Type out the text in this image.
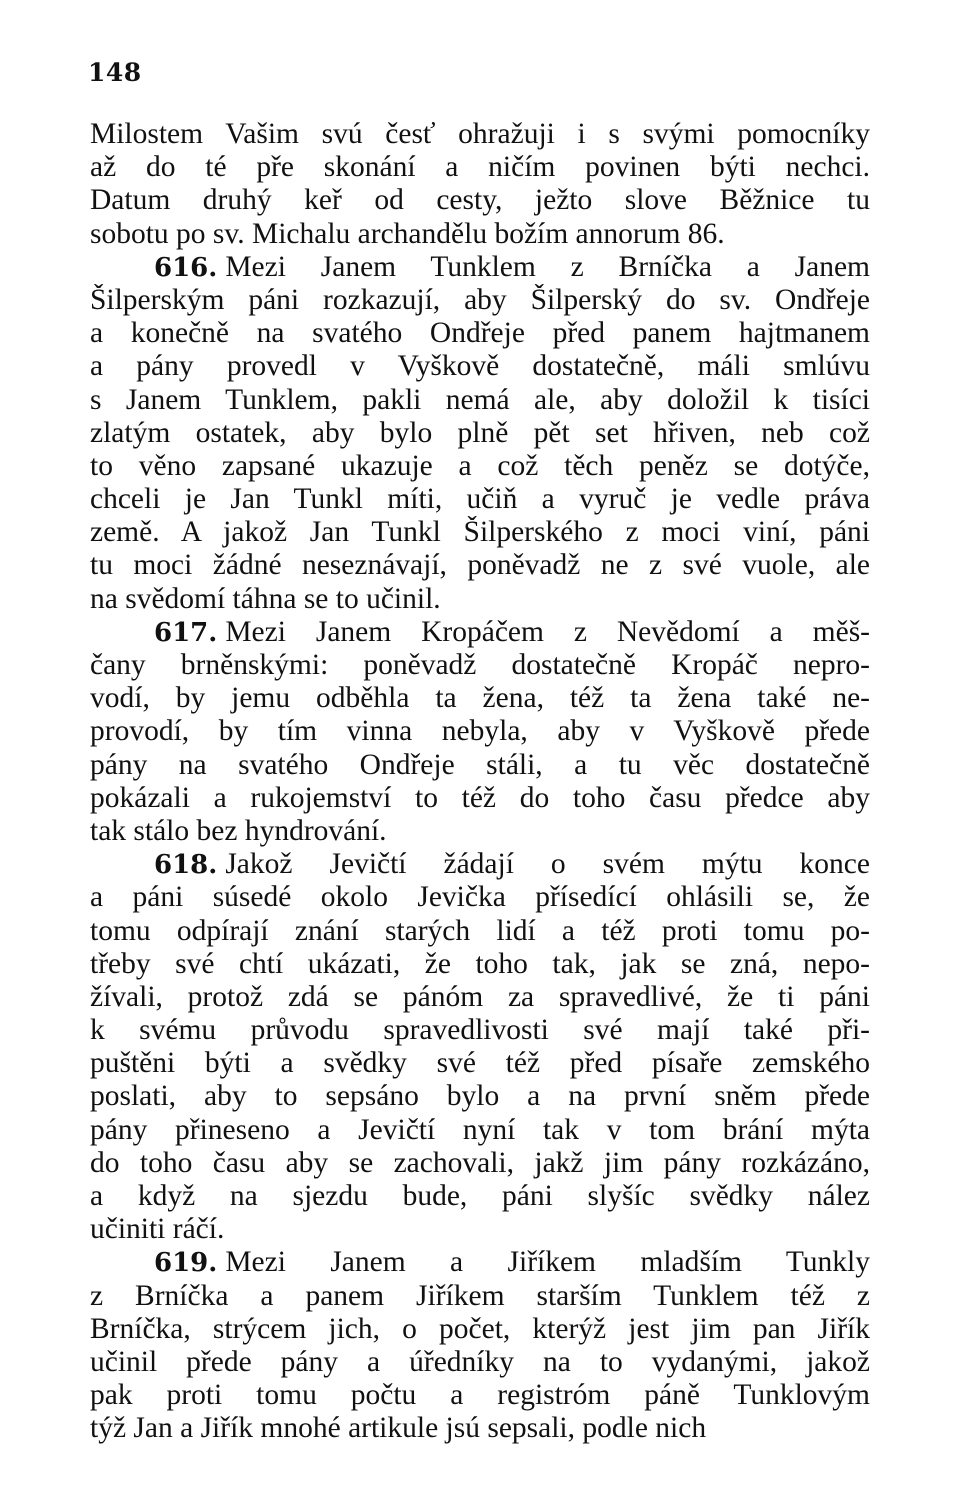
148
Milostem Vašim svú česť ohražuji i s svými pomocníky
až do té pře skonání a ničím povinen býti nechci.
Datum druhý keř od cesty, ježto slove Běžnice tu
sobotu po sv. Michalu archandělu božím annorum 86.
616. Mezi Janem Tunklem z Brníčka a Janem
Šilperským páni rozkazují, aby Šilperský do sv. Ondřeje
a konečně na svatého Ondřeje před panem hajtmanem
a pány provedl v Vyškově dostatečně, máli smlúvu
s Janem Tunklem, pakli nemá ale, aby doložil k tisíci
zlatým ostatek, aby bylo plně pět set hřiven, neb což
to věno zapsané ukazuje a což těch peněz se dotýče,
chceli je Jan Tunkl míti, učiň a vyruč je vedle práva
země. A jakož Jan Tunkl Šilperského z moci viní, páni
tu moci žádné neseznávají, poněvadž ne z své vuole, ale
na svědomí táhna se to učinil.
617. Mezi Janem Kropáčem z Nevědomí a měš-
čany brněnskými: poněvadž dostatečně Kropáč nepro-
vodí, by jemu odběhla ta žena, též ta žena také ne-
provodí, by tím vinna nebyla, aby v Vyškově přede
pány na svatého Ondřeje stáli, a tu věc dostatečně
pokázali a rukojemství to též do toho času předce aby
tak stálo bez hyndrování.
618. Jakož Jevičtí žádají o svém mýtu konce
a páni súsedé okolo Jevička přísedící ohlásili se, že
tomu odpírají znání starých lidí a též proti tomu po-
třeby své chtí ukázati, že toho tak, jak se zná, nepo-
žívali, protož zdá se pánóm za spravedlivé, že ti páni
k svému průvodu spravedlivosti své mají také při-
puštěni býti a svědky své též před písaře zemského
poslati, aby to sepsáno bylo a na první sněm přede
pány přineseno a Jevičtí nyní tak v tom brání mýta
do toho času aby se zachovali, jakž jim pány rozkázáno,
a když na sjezdu bude, páni slyšíc svědky nález
učiniti ráčí.
619. Mezi Janem a Jiříkem mladším Tunkly
z Brníčka a panem Jiříkem starším Tunklem též z
Brníčka, strýcem jich, o počet, kterýž jest jim pan Jiřík
učinil přede pány a úředníky na to vydanými, jakož
pak proti tomu počtu a registróm páně Tunklovým
týž Jan a Jiřík mnohé artikule jsú sepsali, podle nich
